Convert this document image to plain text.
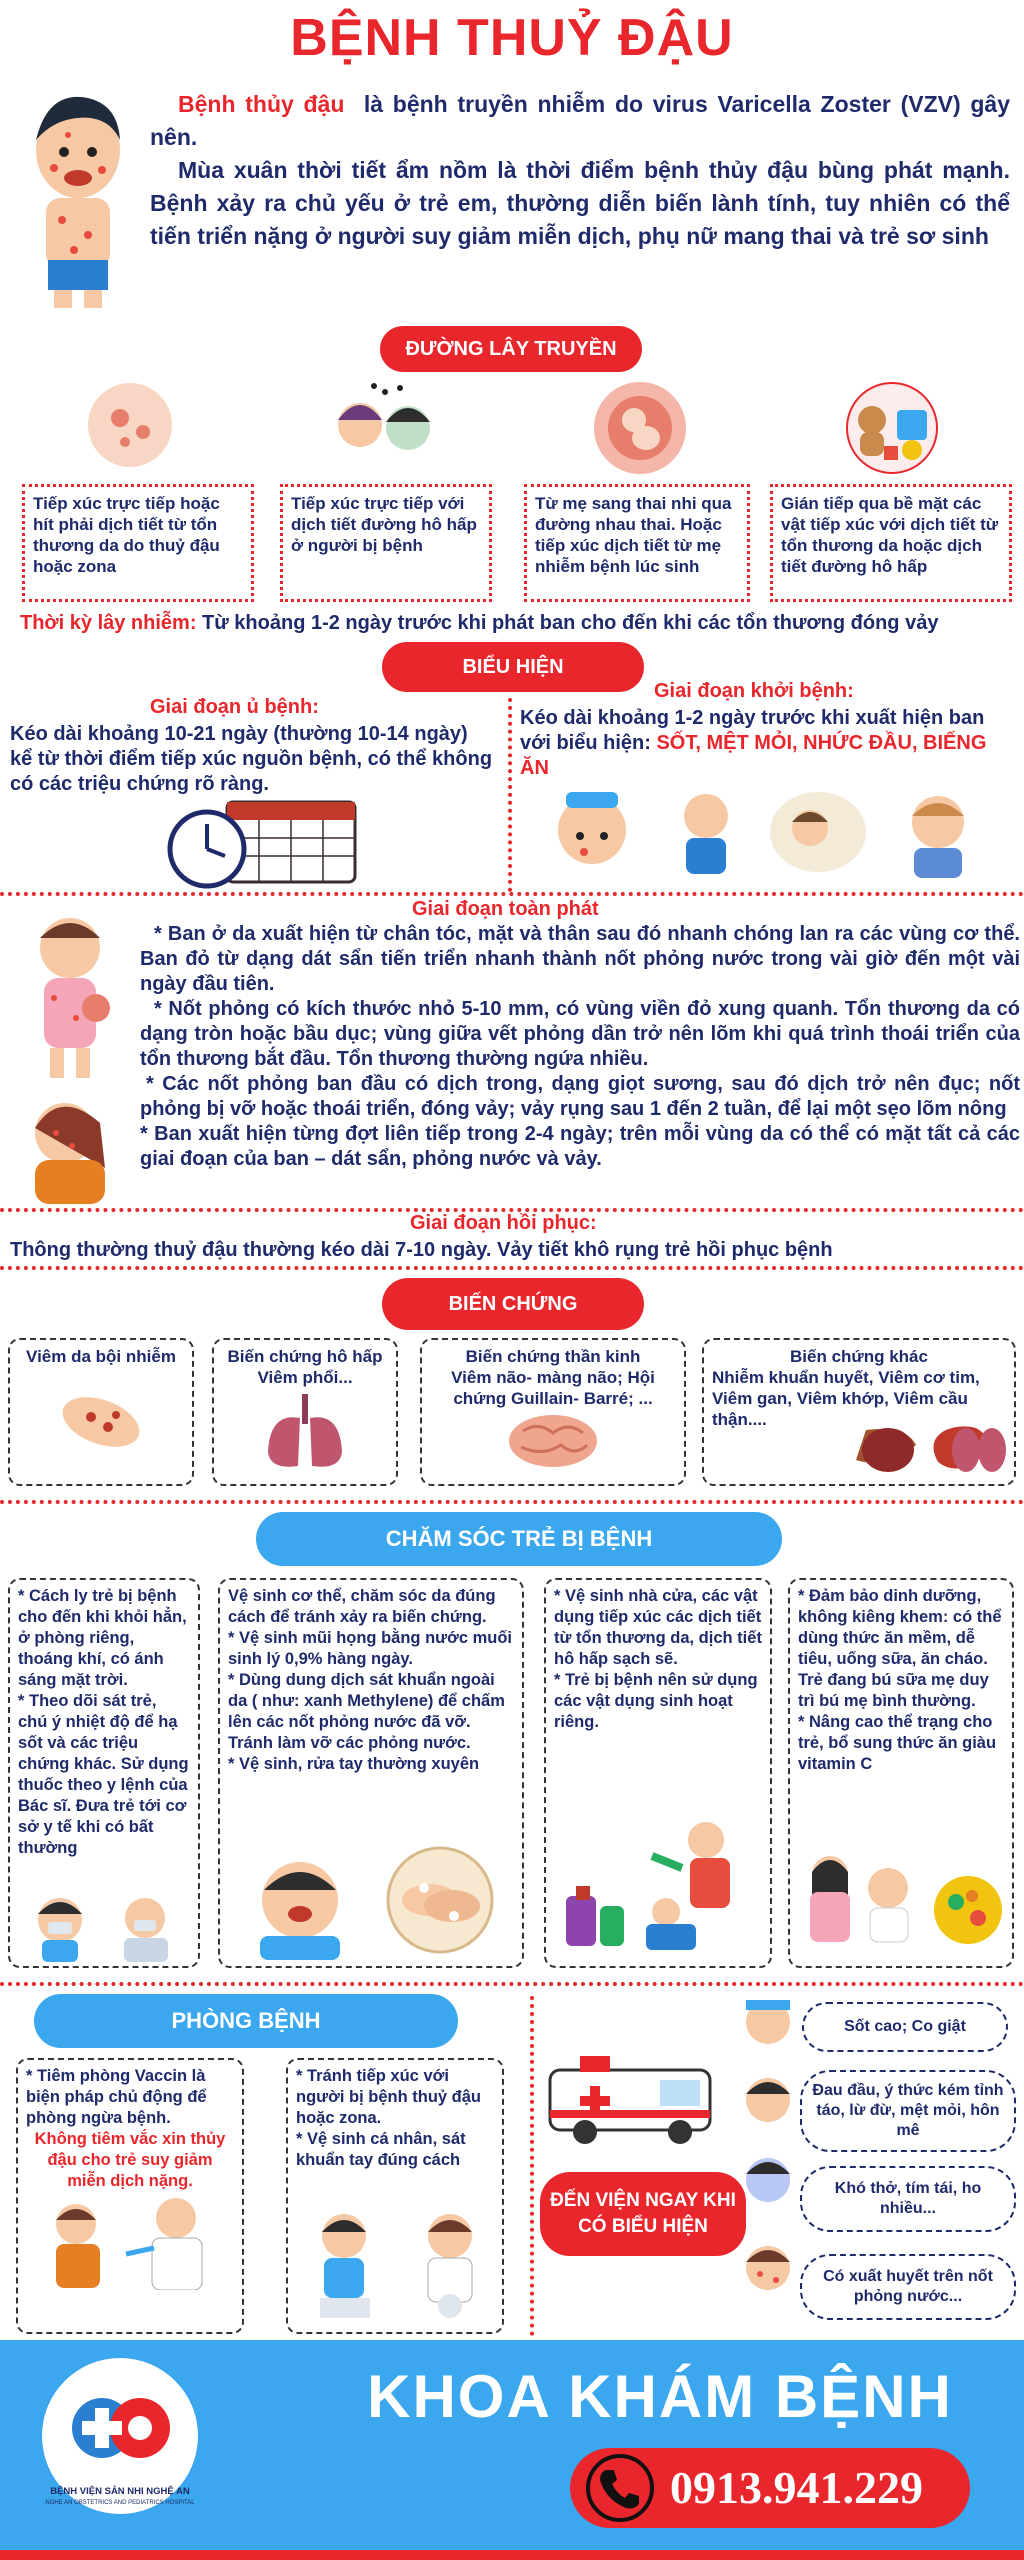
BỆNH THUỶ ĐẬU
Bệnh thủy đậu là bệnh truyền nhiễm do virus Varicella Zoster (VZV) gây nên.
Mùa xuân thời tiết ẩm nồm là thời điểm bệnh thủy đậu bùng phát mạnh. Bệnh xảy ra chủ yếu ở trẻ em, thường diễn biến lành tính, tuy nhiên có thể tiến triển nặng ở người suy giảm miễn dịch, phụ nữ mang thai và trẻ sơ sinh
ĐƯỜNG LÂY TRUYỀN
Tiếp xúc trực tiếp hoặc hít phải dịch tiết từ tổn thương da do thuỷ đậu hoặc zona
Tiếp xúc trực tiếp với dịch tiết đường hô hấp ở người bị bệnh
Từ mẹ sang thai nhi qua đường nhau thai. Hoặc tiếp xúc dịch tiết từ mẹ nhiễm bệnh lúc sinh
Gián tiếp qua bề mặt các vật tiếp xúc với dịch tiết từ tổn thương da hoặc dịch tiết đường hô hấp
Thời kỳ lây nhiễm: Từ khoảng 1-2 ngày trước khi phát ban cho đến khi các tổn thương đóng vảy
BIỂU HIỆN
Giai đoạn ủ bệnh:
Kéo dài khoảng 10-21 ngày (thường 10-14 ngày) kể từ thời điểm tiếp xúc nguồn bệnh, có thể không có các triệu chứng rõ ràng.
Giai đoạn khởi bệnh:
Kéo dài khoảng 1-2 ngày trước khi xuất hiện ban với biểu hiện: SỐT, MỆT MỎI, NHỨC ĐẦU, BIẾNG ĂN
Giai đoạn toàn phát
* Ban ở da xuất hiện từ chân tóc, mặt và thân sau đó nhanh chóng lan ra các vùng cơ thể. Ban đỏ từ dạng dát sẩn tiến triển nhanh thành nốt phỏng nước trong vài giờ đến một vài ngày đầu tiên.
* Nốt phỏng có kích thước nhỏ 5-10 mm, có vùng viền đỏ xung quanh. Tổn thương da có dạng tròn hoặc bầu dục; vùng giữa vết phỏng dần trở nên lõm khi quá trình thoái triển của tổn thương bắt đầu. Tổn thương thường ngứa nhiều.
* Các nốt phỏng ban đầu có dịch trong, dạng giọt sương, sau đó dịch trở nên đục; nốt phỏng bị vỡ hoặc thoái triển, đóng vảy; vảy rụng sau 1 đến 2 tuần, để lại một sẹo lõm nông
* Ban xuất hiện từng đợt liên tiếp trong 2-4 ngày; trên mỗi vùng da có thể có mặt tất cả các giai đoạn của ban – dát sẩn, phỏng nước và vảy.
Giai đoạn hồi phục:
Thông thường thuỷ đậu thường kéo dài 7-10 ngày. Vảy tiết khô rụng trẻ hồi phục bệnh
BIẾN CHỨNG
Viêm da bội nhiễm	Biến chứng hô hấp
Viêm phổi...
Biến chứng thần kinh
Viêm não- màng não; Hội chứng Guillain- Barré; ...
Biến chứng khác
Nhiễm khuẩn huyết, Viêm cơ tim, Viêm gan, Viêm khớp, Viêm cầu thận....
CHĂM SÓC TRẺ BỊ BỆNH
* Cách ly trẻ bị bệnh cho đến khi khỏi hẳn, ở phòng riêng, thoáng khí, có ánh sáng mặt trời.
* Theo dõi sát trẻ, chú ý nhiệt độ để hạ sốt và các triệu chứng khác. Sử dụng thuốc theo y lệnh của Bác sĩ. Đưa trẻ tới cơ sở y tế khi có bất thường
Vệ sinh cơ thể, chăm sóc da đúng cách để tránh xảy ra biến chứng.
* Vệ sinh mũi họng bằng nước muối sinh lý 0,9% hàng ngày.
* Dùng dung dịch sát khuẩn ngoài da ( như: xanh Methylene) để chấm lên các nốt phỏng nước đã vỡ. Tránh làm vỡ các phỏng nước.
* Vệ sinh, rửa tay thường xuyên
* Vệ sinh nhà cửa, các vật dụng tiếp xúc các dịch tiết từ tổn thương da, dịch tiết hô hấp sạch sẽ.
* Trẻ bị bệnh nên sử dụng các vật dụng sinh hoạt riêng.
* Đảm bảo dinh dưỡng, không kiêng khem: có thể dùng thức ăn mềm, dễ tiêu, uống sữa, ăn cháo. Trẻ đang bú sữa mẹ duy trì bú mẹ bình thường.
* Nâng cao thể trạng cho trẻ, bổ sung thức ăn giàu vitamin C
PHÒNG BỆNH
* Tiêm phòng Vaccin là biện pháp chủ động để phòng ngừa bệnh.
Không tiêm vắc xin thủy đậu cho trẻ suy giảm miễn dịch nặng.
* Tránh tiếp xúc với người bị bệnh thuỷ đậu hoặc zona.
* Vệ sinh cá nhân, sát khuẩn tay đúng cách
ĐẾN VIỆN NGAY KHI CÓ BIỂU HIỆN
Sốt cao; Co giật
Đau đầu, ý thức kém tỉnh táo, lừ đừ, mệt mỏi, hôn mê
Khó thở, tím tái, ho nhiều...
Có xuất huyết trên nốt phỏng nước...
BỆNH VIỆN SẢN NHI NGHỆ AN
NGHE AN OBSTETRICS AND PEDIATRICS HOSPITAL
KHOA KHÁM BỆNH
0913.941.229
